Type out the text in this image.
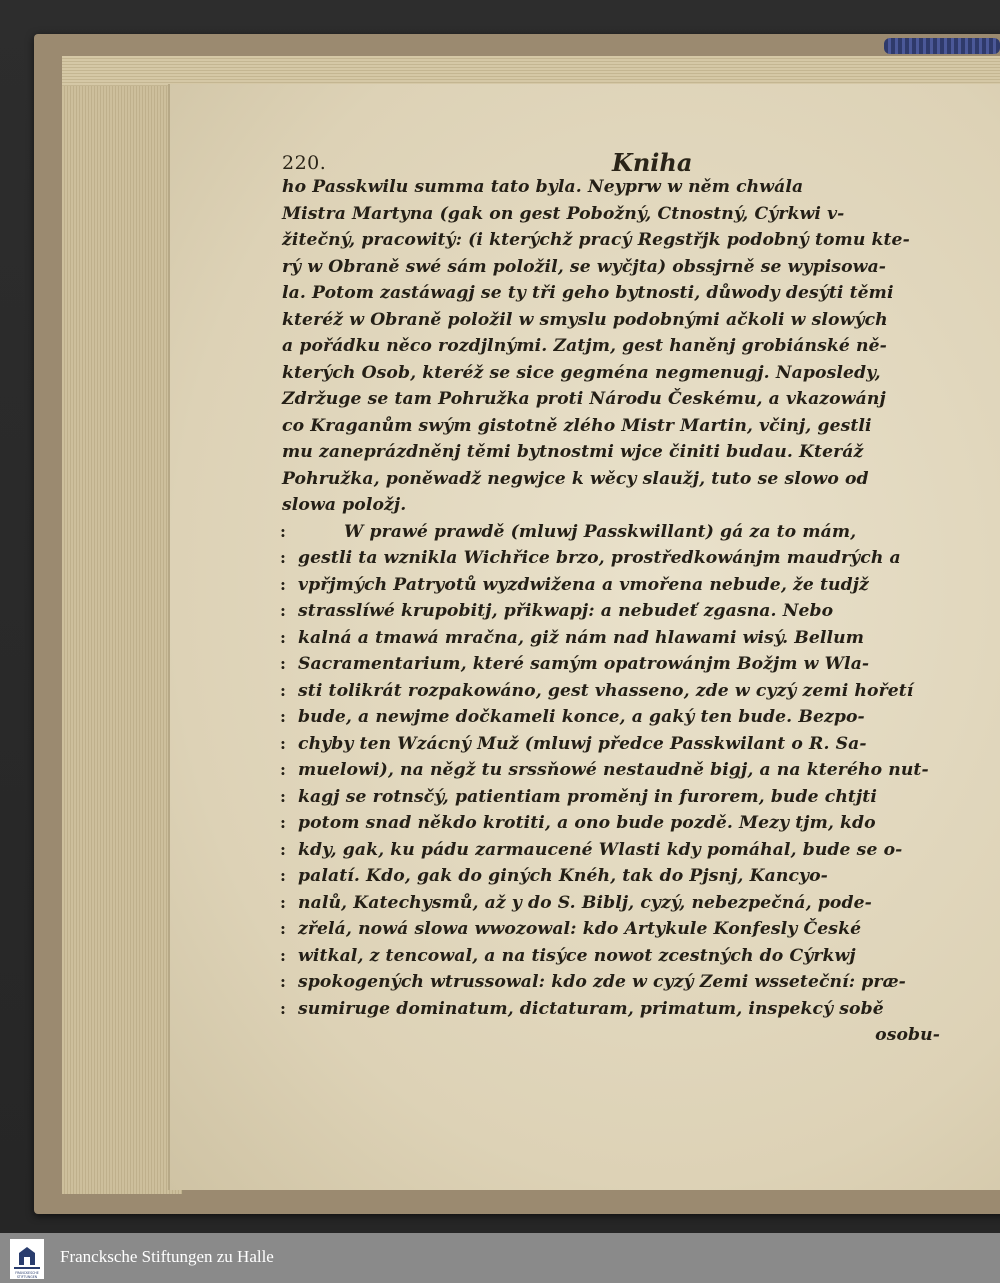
220.	Kniha
ho Passkwilu summa tato byla. Neyprw w něm chwála
Mistra Martyna (gak on gest Pobožný, Ctnostný, Cýrkwi v-
žitečný, pracowitý: (i kterýchž pracý Regstřjk podobný tomu kte-
rý w Obraně swé sám položil, se wyčjta) obssjrně se wypisowa-
la. Potom zastáwagj se ty tři geho bytnosti, důwody desýti těmi
kteréž w Obraně položil w smyslu podobnými ačkoli w slowých
a pořádku něco rozdjlnými. Zatjm, gest haněnj grobiánské ně-
kterých Osob, kteréž se sice gegména negmenugj. Naposledy,
Zdržuge se tam Pohružka proti Národu Českému, a vkazowánj
co Kraganům swým gistotně zlého Mistr Martin, včinj, gestli
mu zaneprázdněnj těmi bytnostmi wjce činiti budau. Kteráž
Pohružka, poněwadž negwjce k wěcy slaužj, tuto se slowo od
slowa položj.
:	W prawé prawdě (mluwj Passkwillant) gá za to mám,
: gestli ta wznikla Wichřice brzo, prostředkowánjm maudrých a
: vpřjmých Patryotů wyzdwižena a vmořena nebude, že tudjž
: strasslíwé krupobitj, přikwapj: a nebudeť zgasna. Nebo
: kalná a tmawá mračna, giž nám nad hlawami wisý. Bellum
: Sacramentarium, které samým opatrowánjm Božjm w Wla-
: sti tolikrát rozpakowáno, gest vhasseno, zde w cyzý zemi hořetí
: bude, a newjme dočkameli konce, a gaký ten bude. Bezpo-
: chyby ten Wzácný Muž (mluwj předce Passkwilant o R. Sa-
: muelowi), na něgž tu srssňowé nestaudně bigj, a na kterého nut-
: kagj se rotnsčý, patientiam proměnj in furorem, bude chtjti
: potom snad někdo krotiti, a ono bude pozdě. Mezy tjm, kdo
: kdy, gak, ku pádu zarmaucené Wlasti kdy pomáhal, bude se o-
: palatí. Kdo, gak do giných Knéh, tak do Pjsnj, Kancyo-
: nalů, Katechysmů, až y do S. Biblj, cyzý, nebezpečná, pode-
: zřelá, nowá slowa wwozowal: kdo Artykule Konfesly České
: witkal, z tencowal, a na tisýce nowot zcestných do Cýrkwj
: spokogených wtrussowal: kdo zde w cyzý Zemi wsseteční: præ-
: sumiruge dominatum, dictaturam, primatum, inspekcý sobě
osobu-
FRANCKESCHE
STIFTUNGEN
Francksche Stiftungen zu Halle
